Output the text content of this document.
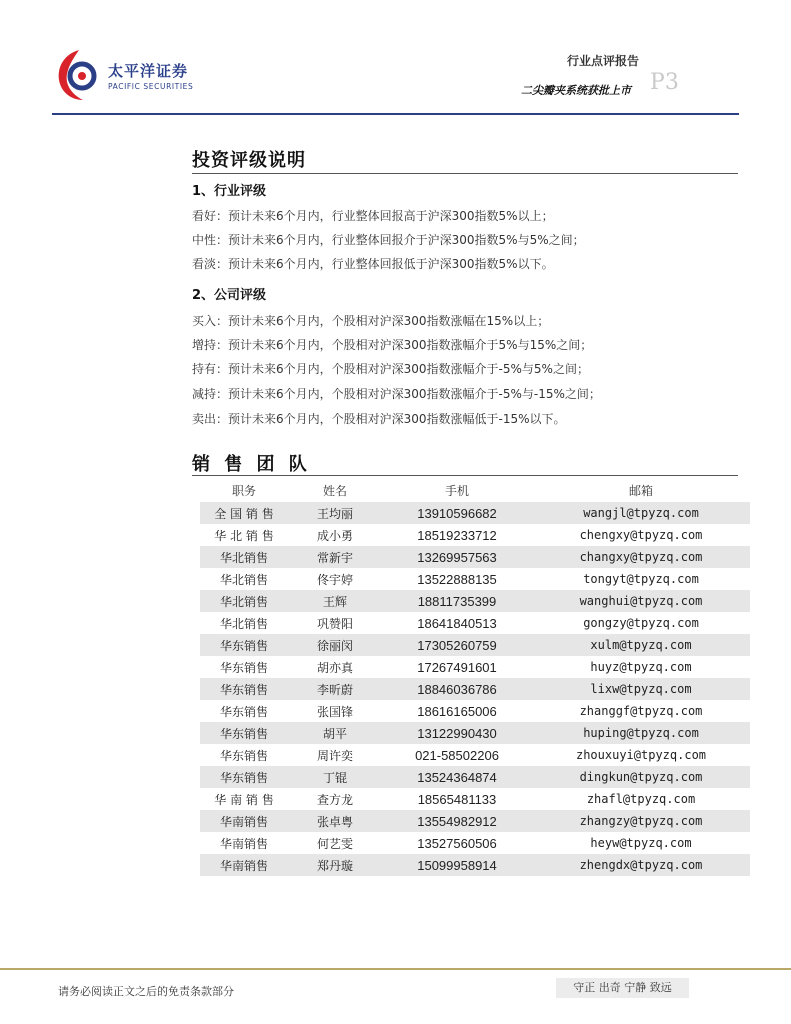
太平洋证券
PACIFIC SECURITIES
行业点评报告
二尖瓣夹系统获批上市 P3
投资评级说明
1、行业评级
看好：预计未来6个月内，行业整体回报高于沪深300指数5%以上；
中性：预计未来6个月内，行业整体回报介于沪深300指数5%与5%之间；
看淡：预计未来6个月内，行业整体回报低于沪深300指数5%以下。
2、公司评级
买入：预计未来6个月内，个股相对沪深300指数涨幅在15%以上；
增持：预计未来6个月内，个股相对沪深300指数涨幅介于5%与15%之间；
持有：预计未来6个月内，个股相对沪深300指数涨幅介于-5%与5%之间；
减持：预计未来6个月内，个股相对沪深300指数涨幅介于-5%与-15%之间；
卖出：预计未来6个月内，个股相对沪深300指数涨幅低于-15%以下。
销 售 团 队
职务	姓名	手机	邮箱
全 国 销 售	王均丽	13910596682	wangjl@tpyzq.com
华 北 销 售	成小勇	18519233712	chengxy@tpyzq.com
华北销售	常新宇	13269957563	changxy@tpyzq.com
华北销售	佟宇婷	13522888135	tongyt@tpyzq.com
华北销售	王辉	18811735399	wanghui@tpyzq.com
华北销售	巩赞阳	18641840513	gongzy@tpyzq.com
华东销售	徐丽闵	17305260759	xulm@tpyzq.com
华东销售	胡亦真	17267491601	huyz@tpyzq.com
华东销售	李昕蔚	18846036786	lixw@tpyzq.com
华东销售	张国锋	18616165006	zhanggf@tpyzq.com
华东销售	胡平	13122990430	huping@tpyzq.com
华东销售	周许奕	021-58502206	zhouxuyi@tpyzq.com
华东销售	丁锟	13524364874	dingkun@tpyzq.com
华 南 销 售	查方龙	18565481133	zhafl@tpyzq.com
华南销售	张卓粤	13554982912	zhangzy@tpyzq.com
华南销售	何艺雯	13527560506	heyw@tpyzq.com
华南销售	郑丹璇	15099958914	zhengdx@tpyzq.com
请务必阅读正文之后的免责条款部分	守正 出奇 宁静 致远
